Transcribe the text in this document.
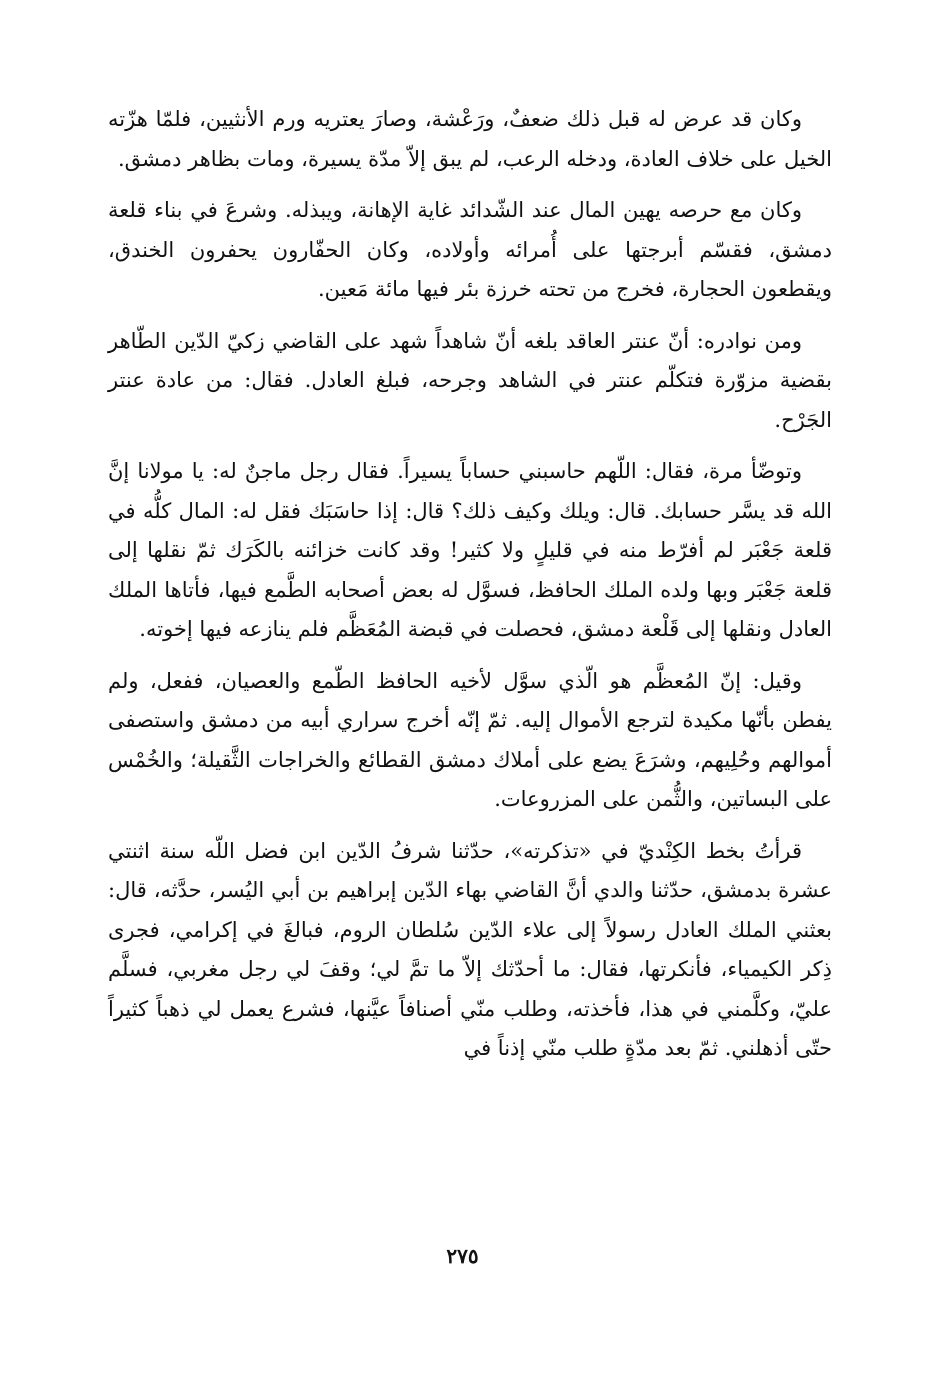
وكان قد عرض له قبل ذلك ضعفٌ، ورَعْشة، وصارَ يعتريه ورم الأنثيين، فلمّا هزّته الخيل على خلاف العادة، ودخله الرعب، لم يبق إلاّ مدّة يسيرة، ومات بظاهر دمشق.

وكان مع حرصه يهين المال عند الشّدائد غاية الإهانة، ويبذله. وشرعَ في بناء قلعة دمشق، فقسّم أبرجتها على أُمرائه وأولاده، وكان الحفّارون يحفرون الخندق، ويقطعون الحجارة، فخرج من تحته خرزة بئر فيها مائة مَعين.

ومن نوادره: أنّ عنتر العاقد بلغه أنّ شاهداً شهد على القاضي زكيّ الدّين الطّاهر بقضية مزوّرة فتكلّم عنتر في الشاهد وجرحه، فبلغ العادل. فقال: من عادة عنتر الجَرْح.

وتوضّأ مرة، فقال: اللّهم حاسبني حساباً يسيراً. فقال رجل ماجنٌ له: يا مولانا إنَّ الله قد يسَّر حسابك. قال: ويلك وكيف ذلك؟ قال: إذا حاسَبَك فقل له: المال كلُّه في قلعة جَعْبَر لم أفرّط منه في قليلٍ ولا كثير! وقد كانت خزائنه بالكَرَك ثمّ نقلها إلى قلعة جَعْبَر وبها ولده الملك الحافظ، فسوَّل له بعض أصحابه الطَّمع فيها، فأتاها الملك العادل ونقلها إلى قَلْعة دمشق، فحصلت في قبضة المُعَظَّم فلم ينازعه فيها إخوته.

وقيل: إنّ المُعظَّم هو الّذي سوَّل لأخيه الحافظ الطّمع والعصيان، ففعل، ولم يفطن بأنّها مكيدة لترجع الأموال إليه. ثمّ إنّه أخرج سراري أبيه من دمشق واستصفى أموالهم وحُلِيهم، وشرَعَ يضع على أملاك دمشق القطائع والخراجات الثَّقيلة؛ والخُمْس على البساتين، والثُّمن على المزروعات.

قرأتُ بخط الكِنْديّ في «تذكرته»، حدّثنا شرفُ الدّين ابن فضل اللّه سنة اثنتي عشرة بدمشق، حدّثنا والدي أنَّ القاضي بهاء الدّين إبراهيم بن أبي اليُسر، حدَّثه، قال: بعثني الملك العادل رسولاً إلى علاء الدّين سُلطان الروم، فبالغَ في إكرامي، فجرى ذِكر الكيمياء، فأنكرتها، فقال: ما أحدّثك إلاّ ما تمَّ لي؛ وقفَ لي رجل مغربي، فسلَّم عليّ، وكلَّمني في هذا، فأخذته، وطلب منّي أصنافاً عيَّنها، فشرع يعمل لي ذهباً كثيراً حتّى أذهلني. ثمّ بعد مدّةٍ طلب منّي إذناً في

٢٧٥
